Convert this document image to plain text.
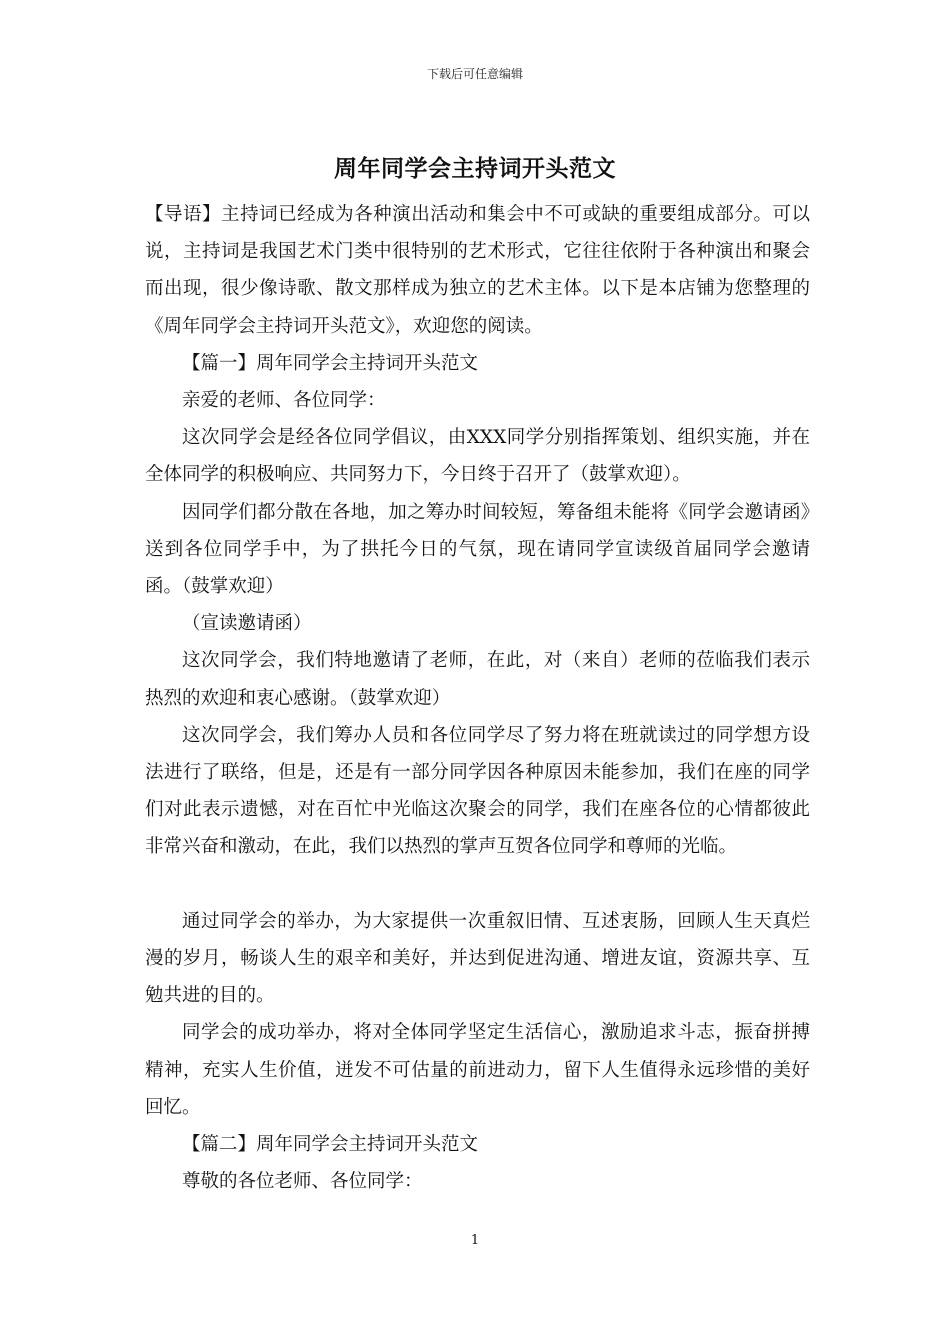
下载后可任意编辑
周年同学会主持词开头范文

【导语】主持词已经成为各种演出活动和集会中不可或缺的重要组成部分。可以说，主持词是我国艺术门类中很特别的艺术形式，它往往依附于各种演出和聚会而出现，很少像诗歌、散文那样成为独立的艺术主体。以下是本店铺为您整理的《周年同学会主持词开头范文》，欢迎您的阅读。

【篇一】周年同学会主持词开头范文

亲爱的老师、各位同学：

这次同学会是经各位同学倡议，由XXX同学分别指挥策划、组织实施，并在全体同学的积极响应、共同努力下，今日终于召开了（鼓掌欢迎）。

因同学们都分散在各地，加之筹办时间较短，筹备组未能将《同学会邀请函》送到各位同学手中，为了拱托今日的气氛，现在请同学宣读级首届同学会邀请函。（鼓掌欢迎）

（宣读邀请函）

这次同学会，我们特地邀请了老师，在此，对（来自）老师的莅临我们表示热烈的欢迎和衷心感谢。（鼓掌欢迎）

这次同学会，我们筹办人员和各位同学尽了努力将在班就读过的同学想方设法进行了联络，但是，还是有一部分同学因各种原因未能参加，我们在座的同学们对此表示遗憾，对在百忙中光临这次聚会的同学，我们在座各位的心情都彼此非常兴奋和激动，在此，我们以热烈的掌声互贺各位同学和尊师的光临。

通过同学会的举办，为大家提供一次重叙旧情、互述衷肠，回顾人生天真烂漫的岁月，畅谈人生的艰辛和美好，并达到促进沟通、增进友谊，资源共享、互勉共进的目的。

同学会的成功举办，将对全体同学坚定生活信心，激励追求斗志，振奋拼搏精神，充实人生价值，迸发不可估量的前进动力，留下人生值得永远珍惜的美好回忆。

【篇二】周年同学会主持词开头范文

尊敬的各位老师、各位同学：

1
